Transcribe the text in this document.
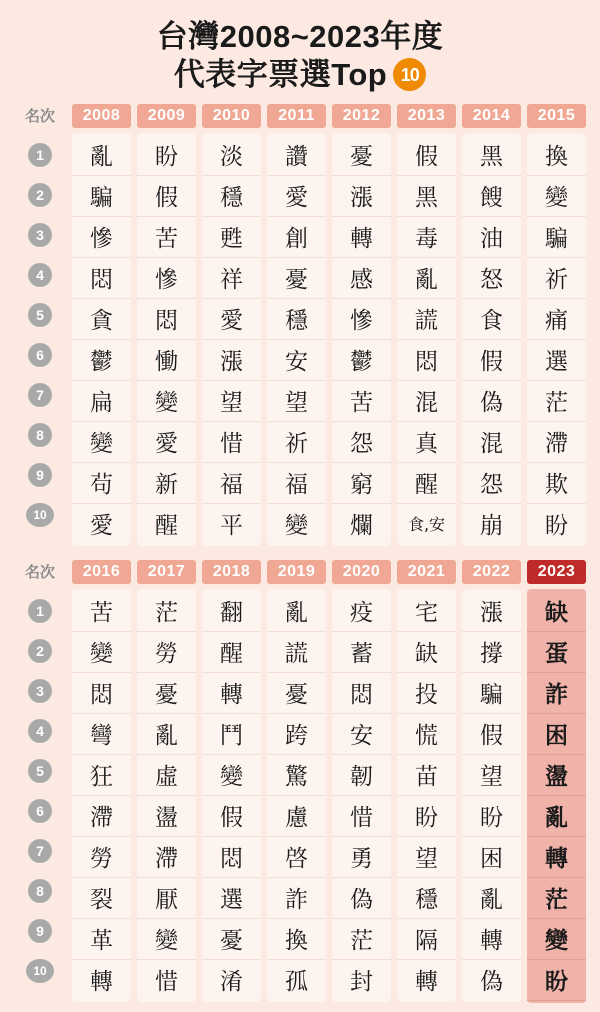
台灣2008~2023年度
代表字票選Top 10
名次
1
2
3
4
5
6
7
8
9
10
2008
亂
騙
慘
悶
貪
鬱
扁
變
茍
愛
2009
盼
假
苦
慘
悶
慟
變
愛
新
醒
2010
淡
穩
甦
祥
愛
漲
望
惜
福
平
2011
讚
愛
創
憂
穩
安
望
祈
福
變
2012
憂
漲
轉
感
慘
鬱
苦
怨
窮
爛
2013
假
黑
毒
亂
謊
悶
混
真
醒
食,安
2014
黑
餿
油
怒
食
假
偽
混
怨
崩
2015
換
變
騙
祈
痛
選
茫
滯
欺
盼
名次
1
2
3
4
5
6
7
8
9
10
2016
苦
變
悶
彎
狂
滯
勞
裂
革
轉
2017
茫
勞
憂
亂
虛
盪
滯
厭
變
惜
2018
翻
醒
轉
鬥
變
假
悶
選
憂
淆
2019
亂
謊
憂
跨
驚
慮
啓
詐
換
孤
2020
疫
蓄
悶
安
韌
惜
勇
偽
茫
封
2021
宅
缺
投
慌
苗
盼
望
穩
隔
轉
2022
漲
撐
騙
假
望
盼
困
亂
轉
偽
2023
缺
蛋
詐
困
盪
亂
轉
茫
變
盼
